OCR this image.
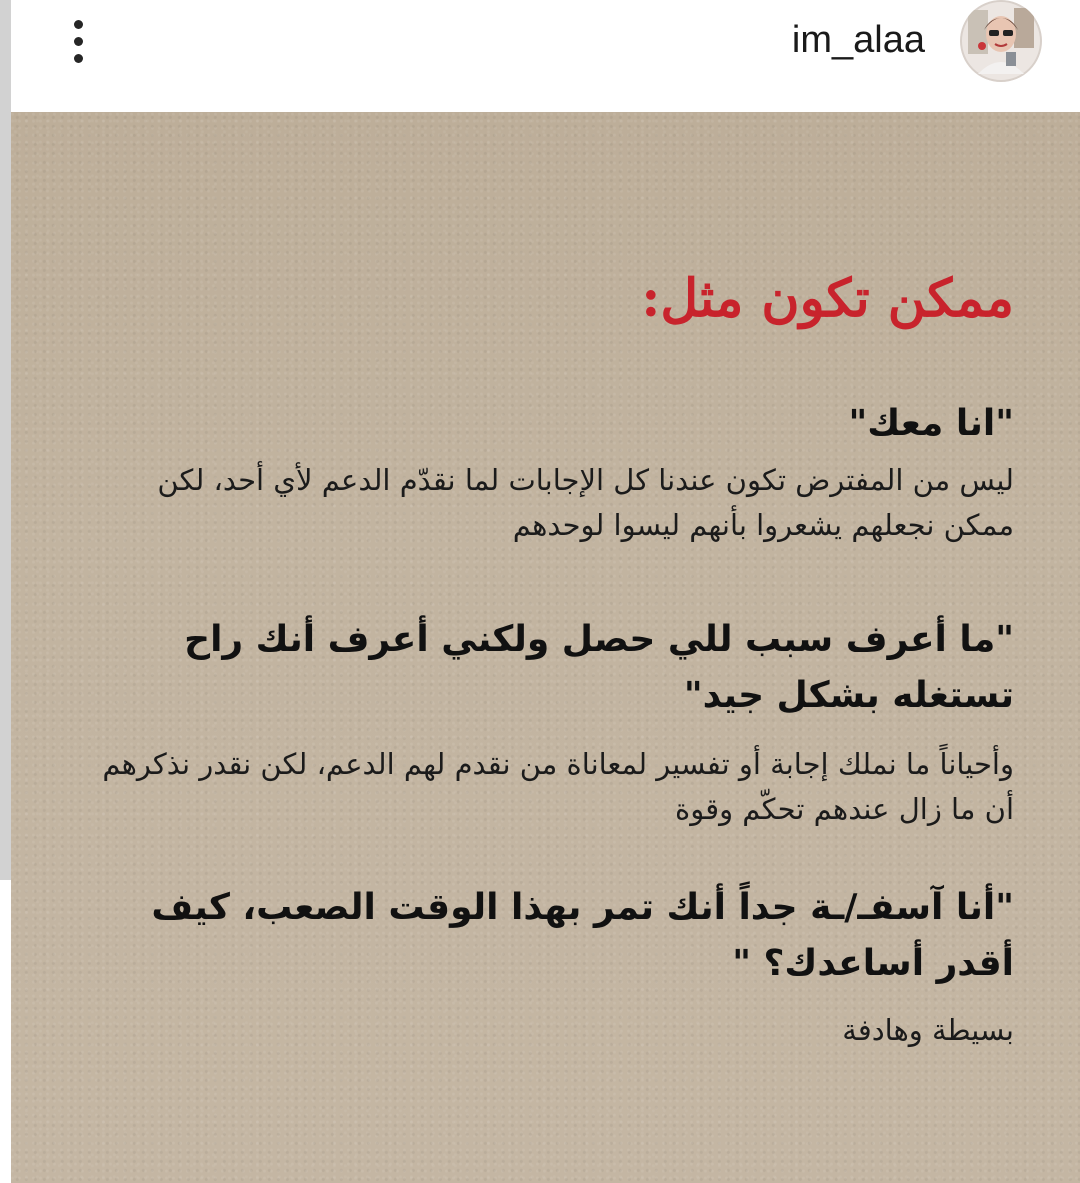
im_alaa
ممكن تكون مثل:
"انا معك"
ليس من المفترض تكون عندنا كل الإجابات لما نقدّم الدعم لأي أحد، لكن ممكن نجعلهم يشعروا بأنهم ليسوا لوحدهم
"ما أعرف سبب للي حصل ولكني أعرف أنك راح تستغله بشكل جيد"
وأحياناً ما نملك إجابة أو تفسير لمعاناة من نقدم لهم الدعم، لكن نقدر نذكرهم أن ما زال عندهم تحكّم وقوة
"أنا آسفـ/ـة جداً أنك تمر بهذا الوقت الصعب، كيف أقدر أساعدك؟ "
بسيطة وهادفة
